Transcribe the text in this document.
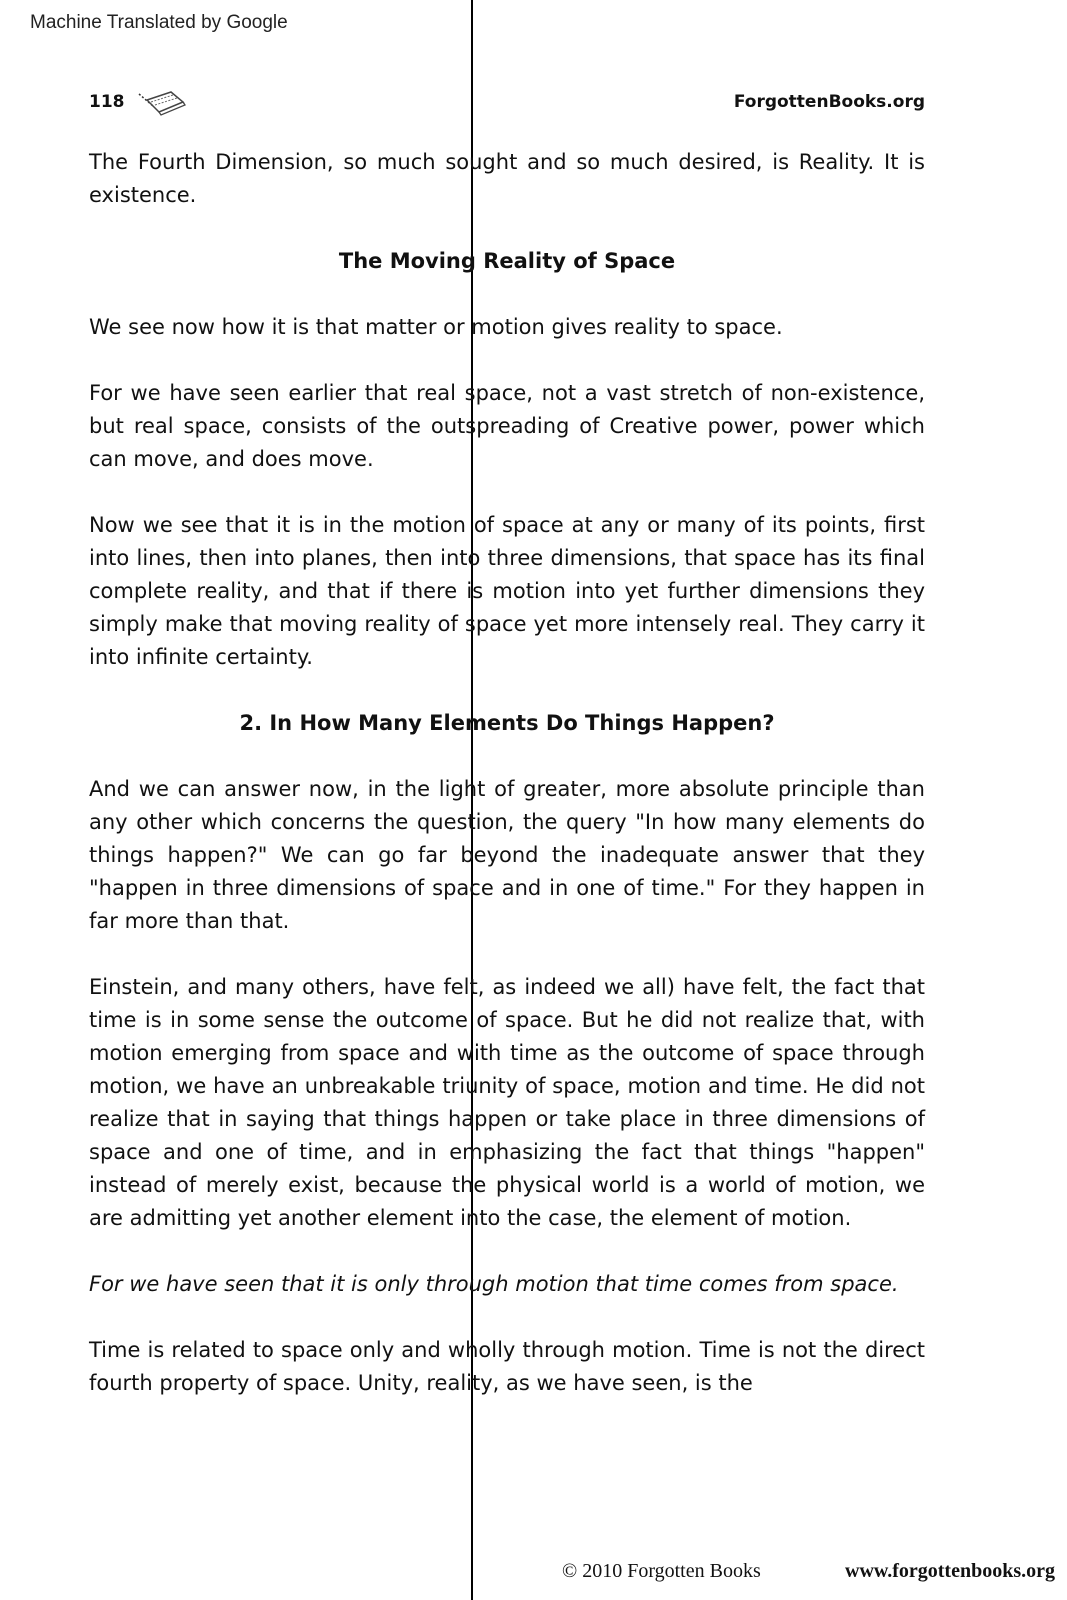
Machine Translated by Google
118	ForgottenBooks.org

The Fourth Dimension, so much sought and so much desired, is Reality. It is existence.

The Moving Reality of Space

We see now how it is that matter or motion gives reality to space.

For we have seen earlier that real space, not a vast stretch of non-existence, but real space, consists of the outspreading of Creative power, power which can move, and does move.

Now we see that it is in the motion of space at any or many of its points, first into lines, then into planes, then into three dimensions, that space has its final complete reality, and that if there is motion into yet further dimensions they simply make that moving reality of space yet more intensely real. They carry it into infinite certainty.

2. In How Many Elements Do Things Happen?

And we can answer now, in the light of greater, more absolute principle than any other which concerns the question, the query "In how many elements do things happen?" We can go far beyond the inadequate answer that they "happen in three dimensions of space and in one of time." For they happen in far more than that.

Einstein, and many others, have felt, as indeed we all) have felt, the fact that time is in some sense the outcome of space. But he did not realize that, with motion emerging from space and with time as the outcome of space through motion, we have an unbreakable triunity of space, motion and time. He did not realize that in saying that things happen or take place in three dimensions of space and one of time, and in emphasizing the fact that things "happen" instead of merely exist, because the physical world is a world of motion, we are admitting yet another element into the case, the element of motion.

For we have seen that it is only through motion that time comes from space.

Time is related to space only and wholly through motion. Time is not the direct fourth property of space. Unity, reality, as we have seen, is the

© 2010 Forgotten Books	www.forgottenbooks.org
